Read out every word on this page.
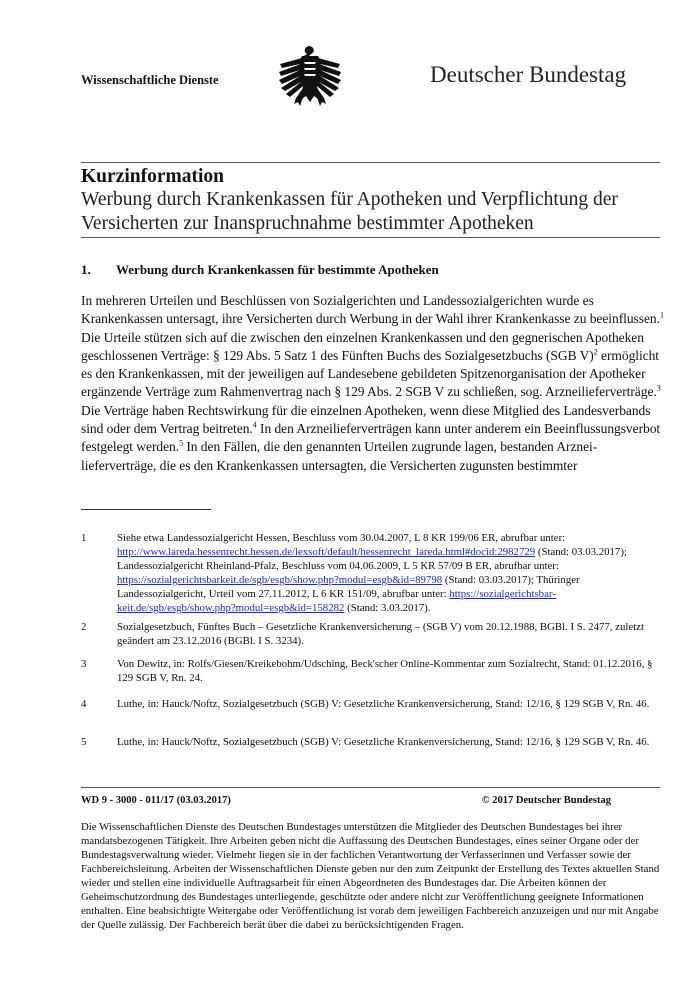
Wissenschaftliche Dienste	Deutscher Bundestag
Kurzinformation
Werbung durch Krankenkassen für Apotheken und Verpflichtung der Versicherten zur Inanspruchnahme bestimmter Apotheken
1. Werbung durch Krankenkassen für bestimmte Apotheken

In mehreren Urteilen und Beschlüssen von Sozialgerichten und Landessozialgerichten wurde es Krankenkassen untersagt, ihre Versicherten durch Werbung in der Wahl ihrer Krankenkasse zu beeinflussen.$^1$ Die Urteile stützen sich auf die zwischen den einzelnen Krankenkassen und den gegnerischen Apotheken geschlossenen Verträge: § 129 Abs. 5 Satz 1 des Fünften Buchs des Sozialgesetzbuchs (SGB V)$^2$ ermöglicht es den Krankenkassen, mit der jeweiligen auf Landesebene gebildeten Spitzenorganisation der Apotheker ergänzende Verträge zum Rahmenvertrag nach § 129 Abs. 2 SGB V zu schließen, sog. Arzneilieferverträge.$^3$ Die Verträge haben Rechtswirkung für die einzelnen Apotheken, wenn diese Mitglied des Landesverbands sind oder dem Vertrag beitreten.$^4$ In den Arzneilieferverträgen kann unter anderem ein Beeinflussungsverbot festgelegt werden.$^5$ In den Fällen, die den genannten Urteilen zugrunde lagen, bestanden Arzneilieferverträge, die es den Krankenkassen untersagten, die Versicherten zugunsten bestimmter

1	Siehe etwa Landessozialgericht Hessen, Beschluss vom 30.04.2007, L 8 KR 199/06 ER, abrufbar unter:
http://www.lareda.hessenrecht.hessen.de/lexsoft/default/hessenrecht_lareda.html#docid:2982729 (Stand: 03.03.2017); Landessozialgericht Rheinland-Pfalz, Beschluss vom 04.06.2009, L 5 KR 57/09 B ER, abrufbar unter: https://sozialgerichtsbarkeit.de/sgb/esgb/show.php?modul=esgb&id=89798 (Stand: 03.03.2017); Thüringer Landessozialgericht, Urteil vom 27.11.2012, L 6 KR 151/09, abrufbar unter: https://sozialgerichtsbarkeit.de/sgb/esgb/show.php?modul=esgb&id=158282 (Stand: 3.03.2017).
2	Sozialgesetzbuch, Fünftes Buch – Gesetzliche Krankenversicherung – (SGB V) vom 20.12.1988, BGBl. I S. 2477, zuletzt geändert am 23.12.2016 (BGBl. I S. 3234).
3	Von Dewitz, in: Rolfs/Giesen/Kreikebohm/Udsching, Beck'scher Online-Kommentar zum Sozialrecht, Stand: 01.12.2016, § 129 SGB V, Rn. 24.
4	Luthe, in: Hauck/Noftz, Sozialgesetzbuch (SGB) V: Gesetzliche Krankenversicherung, Stand: 12/16, § 129 SGB V, Rn. 46.
5	Luthe, in: Hauck/Noftz, Sozialgesetzbuch (SGB) V: Gesetzliche Krankenversicherung, Stand: 12/16, § 129 SGB V, Rn. 46.
WD 9 - 3000 - 011/17 (03.03.2017)	© 2017 Deutscher Bundestag

Die Wissenschaftlichen Dienste des Deutschen Bundestages unterstützen die Mitglieder des Deutschen Bundestages bei ihrer mandatsbezogenen Tätigkeit. Ihre Arbeiten geben nicht die Auffassung des Deutschen Bundestages, eines seiner Organe oder der Bundestagsverwaltung wieder. Vielmehr liegen sie in der fachlichen Verantwortung der Verfasserinnen und Verfasser sowie der Fachbereichsleitung. Arbeiten der Wissenschaftlichen Dienste geben nur den zum Zeitpunkt der Erstellung des Textes aktuellen Stand wieder und stellen eine individuelle Auftragsarbeit für einen Abgeordneten des Bundestages dar. Die Arbeiten können der Geheimschutzordnung des Bundestages unterliegende, geschützte oder andere nicht zur Veröffentlichung geeignete Informationen enthalten. Eine beabsichtigte Weitergabe oder Veröffentlichung ist vorab dem jeweiligen Fachbereich anzuzeigen und nur mit Angabe der Quelle zulässig. Der Fachbereich berät über die dabei zu berücksichtigenden Fragen.
